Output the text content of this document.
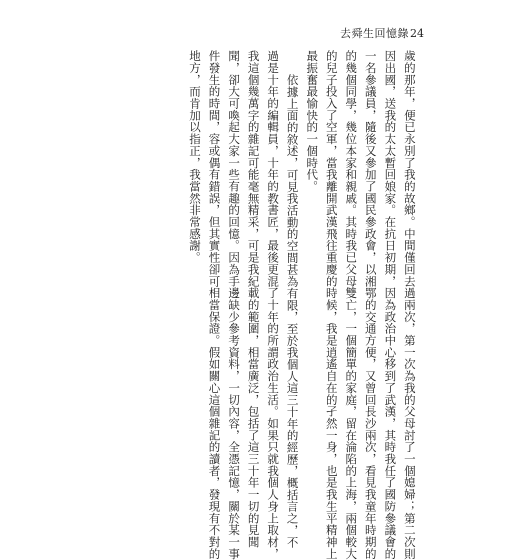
去舜生回憶錄 24
歲的那年，便已永別了我的故鄉。中間僅回去過兩次，第一次為我的父母討了一個媳婦；第二次則
因出國，送我的太太暫回娘家。在抗日初期，因為政治中心移到了武漢，其時我任了國防參議會的
一名參議員，隨後又參加了國民參政會，以湘鄂的交通方便，又曾回長沙兩次，看見我童年時期的
的幾個同學，幾位本家和親戚。其時我已父母雙亡，一個簡單的家庭，留在淪陷的上海，兩個較大
的兒子投入了空軍，當我離開武漢飛往重慶的時候，我是逍遙自在的孑然一身，也是我生平精神上
最振奮最愉快的一個時代。
依據上面的敘述，可見我活動的空間甚為有限，至於我個人這三十年的經歷，概括言之，不
過是十年的編輯員，十年的教書匠，最後更混了十年的所謂政治生活。如果只就我個人身上取材，
我這個幾萬字的雜記可能毫無精采，可是我紀載的範圍，相當廣泛，包括了這三十年一切的見聞
聞，卻大可喚起大家一些有趣的回憶。因為手邊缺少參考資料，一切內容，全憑記憶，關於某一事
件發生的時間，容或偶有錯誤，但其實性卻可相當保證。假如關心這個雜記的讀者，發現有不對的
地方，而肯加以指正，我當然非常感謝。
